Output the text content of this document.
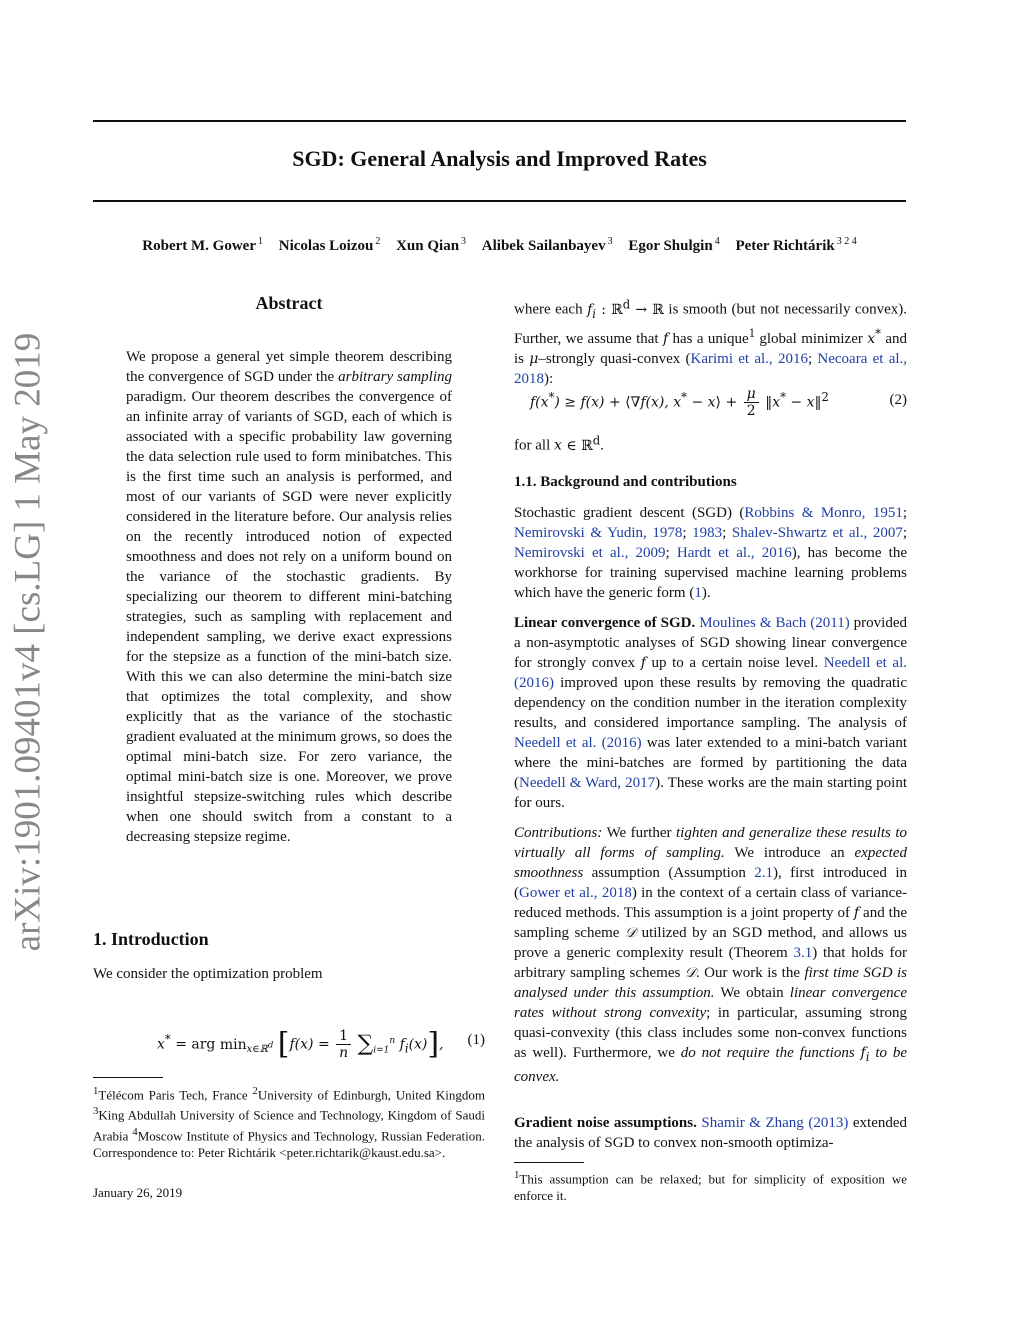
SGD: General Analysis and Improved Rates
Robert M. Gower $^1$ Nicolas Loizou $^2$ Xun Qian $^3$ Alibek Sailanbayev $^3$ Egor Shulgin $^4$ Peter Richtárik $^{3 2 4}$
arXiv:1901.09401v4 [cs.LG] 1 May 2019
Abstract
We propose a general yet simple theorem describing the convergence of SGD under the arbitrary sampling paradigm. Our theorem describes the convergence of an infinite array of variants of SGD, each of which is associated with a specific probability law governing the data selection rule used to form minibatches. This is the first time such an analysis is performed, and most of our variants of SGD were never explicitly considered in the literature before. Our analysis relies on the recently introduced notion of expected smoothness and does not rely on a uniform bound on the variance of the stochastic gradients. By specializing our theorem to different mini-batching strategies, such as sampling with replacement and independent sampling, we derive exact expressions for the stepsize as a function of the mini-batch size. With this we can also determine the mini-batch size that optimizes the total complexity, and show explicitly that as the variance of the stochastic gradient evaluated at the minimum grows, so does the optimal mini-batch size. For zero variance, the optimal mini-batch size is one. Moreover, we prove insightful stepsize-switching rules which describe when one should switch from a constant to a decreasing stepsize regime.
1. Introduction
We consider the optimization problem
x* = arg $\min_{x\in ℝ^d} [f(x) = \frac{1}{n} \sum_{i=1}^n$ $f_i(x)$], (1)
$^1$Télécom Paris Tech, France $^2$University of Edinburgh, United Kingdom $^3$King Abdullah University of Science and Technology, Kingdom of Saudi Arabia $^4$Moscow Institute of Physics and Technology, Russian Federation. Correspondence to: Peter Richtárik <peter.richtarik@kaust.edu.sa>.
January 26, 2019
where each $f_i$ : ℝ$^d$ → ℝ is smooth (but not necessarily convex). Further, we assume that f has a unique$^1$ global minimizer x* and is μ–strongly quasi-convex (Karimi et al., 2016; Necoara et al., 2018):
f(x*) ≥ f(x) + ⟨∇f(x), x* − x⟩ + $\frac{\mu}{2}$ ‖x* − x‖$^2$	(2)
for all x ∈ ℝ$^d$.
1.1. Background and contributions
Stochastic gradient descent (SGD) (Robbins & Monro, 1951; Nemirovski & Yudin, 1978; 1983; Shalev-Shwartz et al., 2007; Nemirovski et al., 2009; Hardt et al., 2016), has become the workhorse for training supervised machine learning problems which have the generic form (1).
Linear convergence of SGD. Moulines & Bach (2011) provided a non-asymptotic analyses of SGD showing linear convergence for strongly convex f up to a certain noise level. Needell et al. (2016) improved upon these results by removing the quadratic dependency on the condition number in the iteration complexity results, and considered importance sampling. The analysis of Needell et al. (2016) was later extended to a mini-batch variant where the mini-batches are formed by partitioning the data (Needell & Ward, 2017). These works are the main starting point for ours.
Contributions: We further tighten and generalize these results to virtually all forms of sampling. We introduce an expected smoothness assumption (Assumption 2.1), first introduced in (Gower et al., 2018) in the context of a certain class of variance-reduced methods. This assumption is a joint property of f and the sampling scheme 𝒟 utilized by an SGD method, and allows us prove a generic complexity result (Theorem 3.1) that holds for arbitrary sampling schemes 𝒟. Our work is the first time SGD is analysed under this assumption. We obtain linear convergence rates without strong convexity; in particular, assuming strong quasi-convexity (this class includes some non-convex functions as well). Furthermore, we do not require the functions $f_i$ to be convex.
Gradient noise assumptions. Shamir & Zhang (2013) extended the analysis of SGD to convex non-smooth optimiza-
$^1$This assumption can be relaxed; but for simplicity of exposition we enforce it.
